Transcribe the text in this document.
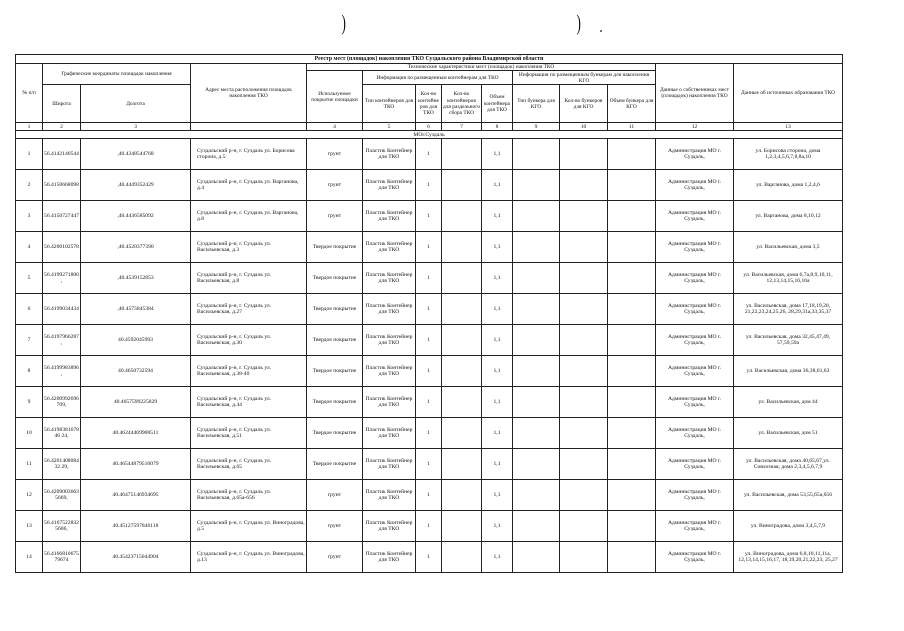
)	)
Реестр мест (площадок) накопления ТКО Суздальского района Владимирской области													
№ п/п	Графические координаты площадок накопления		Адрес места расположения площадок накопления ТКО	Технические характеристики мест (площадок) накопления ТКО								Данные о собственниках мест (площадок) накопления ТКО	Данные об источниках образования ТКО
				Используемое покрытие площадки	Информация по размещенным контейнерам для ТКО				Информация по размещенным бункерам для накопления КГО				
	Широта	Долгота			Тип контейнеров для ТКО	Кол-во контейнеров для ТКО	Кол-во контейнеров для раздельного сбора ТКО	Объем контейнера для ТКО	Тип бункера для КГО	Кол-во бункеров для КГО	Объем бункера для КГО		

1	2	3		4	5	6	7	8	9	10	11	12	13
МОг.Суздаль													
1	56.4142140544	,40.4348544768	Суздальский р-н, г. Суздаль ул. Борисова сторона, д.5	грунт	Пластик Контейнер для ТКО	1		1,1				Администрация МО г. Суздаль,	ул. Борисова сторона, дома 1,2,3,4,5,6,7,8,8а,10
2	56.4150668098	,40.4449352429	Суздальский р-н, г. Суздаль ул. Варганова, д.4	грунт	Пластик Контейнер для ТКО	1		1,1				Администрация МО г. Суздаль,	ул. Варганова, дома 1,2,4,6
3	56.4150727447	,40.4436585092	Суздальский р-н, г. Суздаль ул. Варганова, д.8	грунт	Пластик Контейнер для ТКО	1		1,1				Администрация МО г. Суздаль,	ул. Варганова, дома 8,10,12
4	56.4200102578	,40.4520377390	Суздальский р-н, г. Суздаль ул. Васильевская, д.3	Твердое покрытие	Пластик Контейнер для ТКО	1		1,1				Администрация МО г. Суздаль,	ул. Васильевская, дома 3,5
5	56.4199271800,	,40.4539152853	Суздальский р-н, г. Суздаль ул. Васильевская, д.8	Твердое покрытие	Пластик Контейнер для ТКО	1		1,1				Администрация МО г. Суздаль,	ул. Васильевская, дома 6,7а,8,9,10,11, 12,13,14,15,16,16а
6	56.4199034434	,40.4575845384	Суздальский р-н, г. Суздаль ул. Васильевская, д.27	Твердое покрытие	Пластик Контейнер для ТКО	1		1,1				Администрация МО г. Суздаль,	ул. Васильевская, дома 17,18,19,20, 21,22,23,24,25,26, 28,29,31а,33,35,37
7	56.4197966287,	40.4592045993	Суздальский р-н, г. Суздаль ул. Васильевская, д.30	Твердое покрытие	Пластик Контейнер для ТКО	1		1,1				Администрация МО г. Суздаль,	ул. Васильевская, дома 32,45,47,49, 57,59,59а
8	56.4199983896,	40.4650732594	Суздальский р-н, г. Суздаль ул. Васильевская, д.38-40	Твердое покрытие	Пластик Контейнер для ТКО	1		1,1				Администрация МО г. Суздаль,	ул. Васильевская, дома 36,38,61,63
9	56.4200992696709,	40.4657599225829	Суздальский р-н, г. Суздаль ул. Васильевская, д.44	Твердое покрытие	Пластик Контейнер для ТКО	1		1,1				Администрация МО г. Суздаль,	ул. Васильевская, дом 44
10	56.419838167846 24,	40.46244469900511	Суздальский р-н, г. Суздаль ул. Васильевская, д.51	Твердое покрытие	Пластик Контейнер для ТКО	1		1,1				Администрация МО г. Суздаль,	ул. Васильевская, дом 51
11	56.420140808432 29,	40.46544879516079	Суздальский р-н, г. Суздаль ул. Васильевская, д.65	Твердое покрытие	Пластик Контейнер для ТКО	1		1,1				Администрация МО г. Суздаль,	ул. Васильевская, дома 40,65,67,ул. Cовхозная, дома 2,3,4,5,6,7,9
12	56.42090036635669,	40.46475146934695	Суздальский р-н, г. Суздаль ул. Васильевская, д.65а-656	грунт	Пластик Контейнер для ТКО	1		1,1				Администрация МО г. Суздаль,	ул. Васильевская, дома 53,55,65а,656
13	56.41675228325606,	40.45127597846118	Суздальский р-н, г. Суздаль ул. Виноградова, д.5	грунт	Пластик Контейнер для ТКО	1		1,1				Администрация МО г. Суздаль,	ул. Виноградова, дома 3,4,5,7,9
14	56.416681067579674	40.45423715044904	Суздальский р-н, г. Суздаль ул. Виноградова, д.13	грунт	Пластик Контейнер для ТКО	1		1,1				Администрация МО г. Суздаль,	ул. Виноградова, дома 6,8,10,11,11а, 12,13,14,15,16,17, 18,19,20,21,22,23, 25,27
